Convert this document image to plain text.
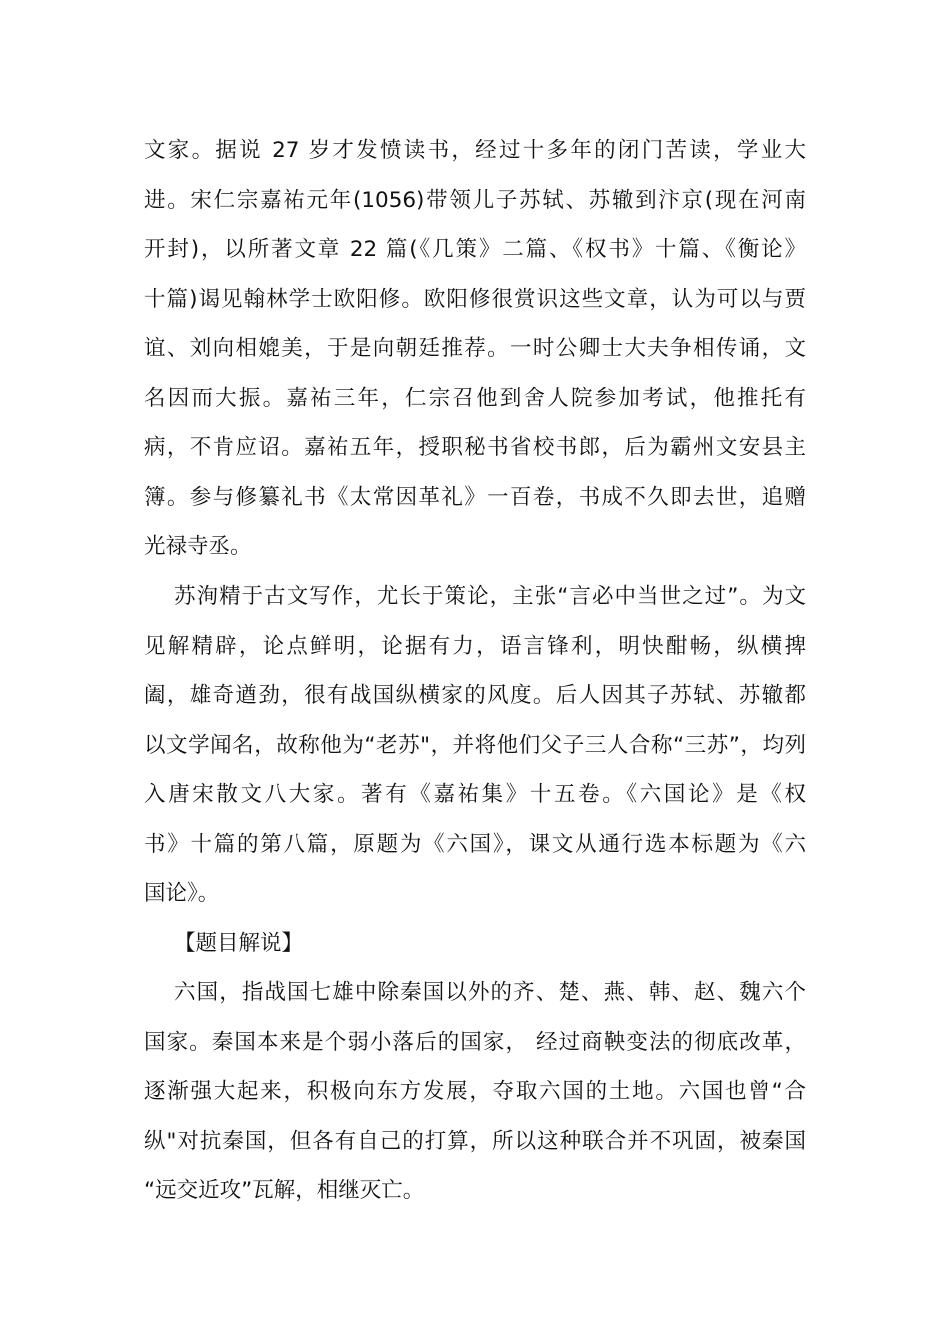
文家。据说 27 岁才发愤读书，经过十多年的闭门苦读，学业大
进。宋仁宗嘉祐元年(1056)带领儿子苏轼、苏辙到汴京(现在河南
开封)，以所著文章 22 篇(《几策》二篇、《权书》十篇、《衡论》
十篇)谒见翰林学士欧阳修。欧阳修很赏识这些文章，认为可以与贾
谊、刘向相媲美，于是向朝廷推荐。一时公卿士大夫争相传诵，文
名因而大振。嘉祐三年，仁宗召他到舍人院参加考试，他推托有
病，不肯应诏。嘉祐五年，授职秘书省校书郎，后为霸州文安县主
簿。参与修纂礼书《太常因革礼》一百卷，书成不久即去世，追赠
光禄寺丞。
苏洵精于古文写作，尤长于策论，主张“言必中当世之过”。为文
见解精辟，论点鲜明，论据有力，语言锋利，明快酣畅，纵横捭
阖，雄奇遒劲，很有战国纵横家的风度。后人因其子苏轼、苏辙都
以文学闻名，故称他为“老苏"，并将他们父子三人合称“三苏”，均列
入唐宋散文八大家。著有《嘉祐集》十五卷。《六国论》是《权
书》十篇的第八篇，原题为《六国》，课文从通行选本标题为《六
国论》。
【题目解说】
六国，指战国七雄中除秦国以外的齐、楚、燕、韩、赵、魏六个
国家。秦国本来是个弱小落后的国家， 经过商鞅变法的彻底改革，
逐渐强大起来，积极向东方发展，夺取六国的土地。六国也曾“合
纵"对抗秦国，但各有自己的打算，所以这种联合并不巩固，被秦国
“远交近攻”瓦解，相继灭亡。
